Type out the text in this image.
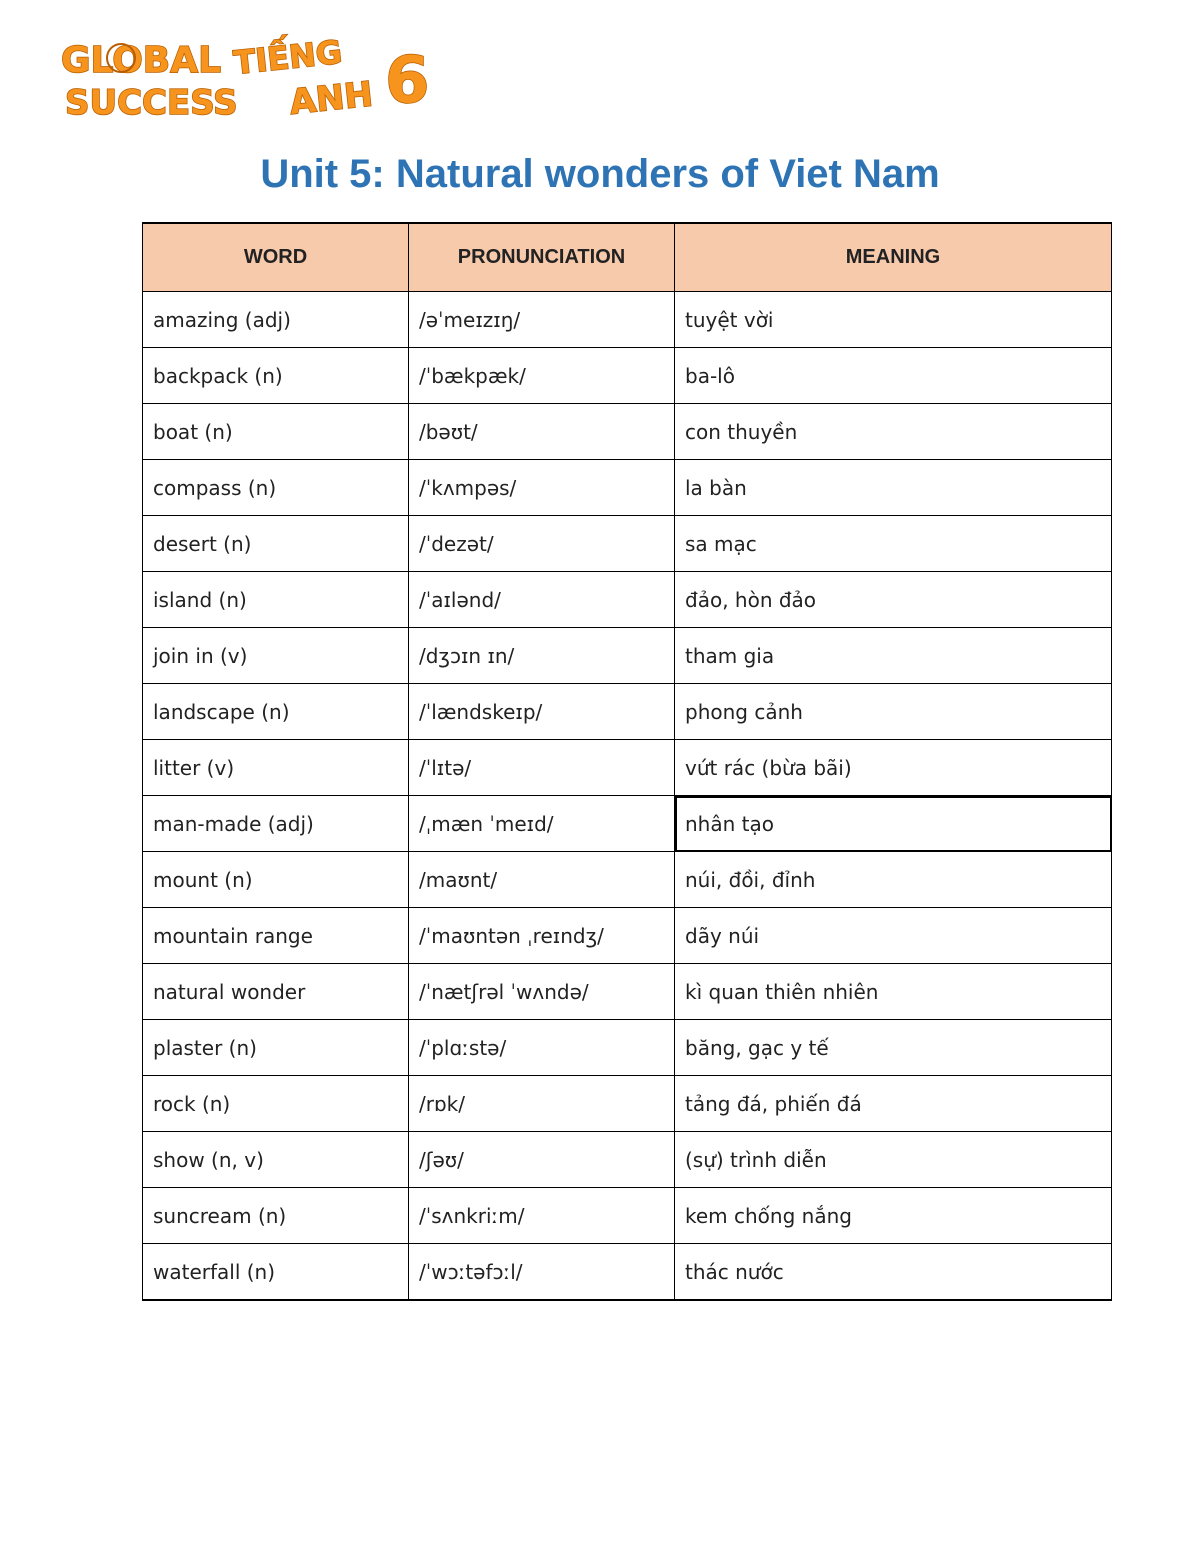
GLOBAL
SUCCESS
TIẾNG
ANH 6
Unit 5: Natural wonders of Viet Nam
WORD	PRONUNCIATION	MEANING
amazing (adj)	/əˈmeɪzɪŋ/	tuyệt vời
backpack (n)	/ˈbækpæk/	ba-lô
boat (n)	/bəʊt/	con thuyền
compass (n)	/ˈkʌmpəs/	la bàn
desert (n)	/ˈdezət/	sa mạc
island (n)	/ˈaɪlənd/	đảo, hòn đảo
join in (v)	/dʒɔɪn ɪn/	tham gia
landscape (n)	/ˈlændskeɪp/	phong cảnh
litter (v)	/ˈlɪtə/	vứt rác (bừa bãi)
man-made (adj)	/ˌmæn ˈmeɪd/	nhân tạo
mount (n)	/maʊnt/	núi, đồi, đỉnh
mountain range	/ˈmaʊntən ˌreɪndʒ/	dãy núi
natural wonder	/ˈnætʃrəl ˈwʌndə/	kì quan thiên nhiên
plaster (n)	/ˈplɑːstə/	băng, gạc y tế
rock (n)	/rɒk/	tảng đá, phiến đá
show (n, v)	/ʃəʊ/	(sự) trình diễn
suncream (n)	/ˈsʌnkriːm/	kem chống nắng
waterfall (n)	/ˈwɔːtəfɔːl/	thác nước
